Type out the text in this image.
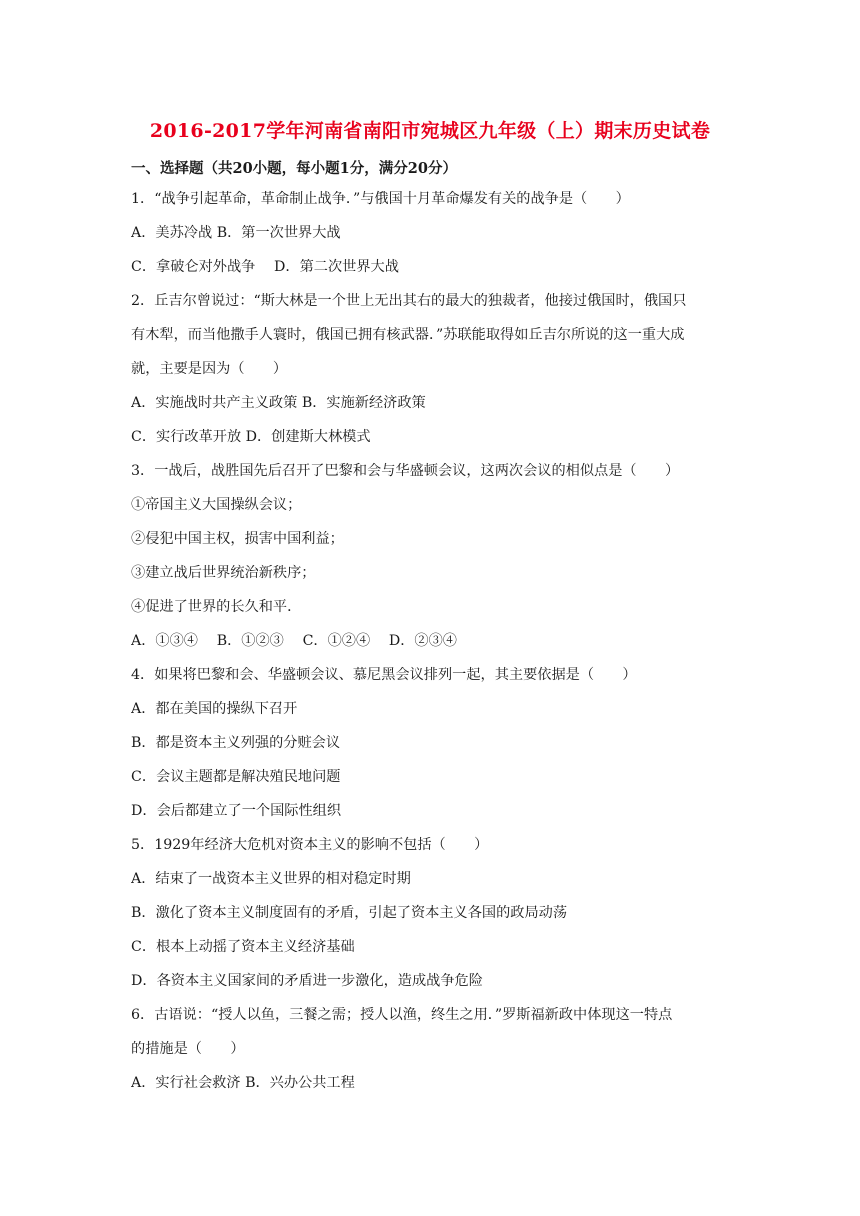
2016-2017学年河南省南阳市宛城区九年级（上）期末历史试卷
一、选择题（共20小题，每小题1分，满分20分）
1．“战争引起革命，革命制止战争．”与俄国十月革命爆发有关的战争是（　　）
A．美苏冷战 B．第一次世界大战
C．拿破仑对外战争　 D．第二次世界大战
2．丘吉尔曾说过：“斯大林是一个世上无出其右的最大的独裁者，他接过俄国时，俄国只
有木犁，而当他撒手人寰时，俄国已拥有核武器．”苏联能取得如丘吉尔所说的这一重大成
就，主要是因为（　　）
A．实施战时共产主义政策 B．实施新经济政策
C．实行改革开放 D．创建斯大林模式
3．一战后，战胜国先后召开了巴黎和会与华盛顿会议，这两次会议的相似点是（　　）
①帝国主义大国操纵会议；
②侵犯中国主权，损害中国利益；
③建立战后世界统治新秩序；
④促进了世界的长久和平．
A．①③④　 B．①②③　 C．①②④　 D．②③④
4．如果将巴黎和会、华盛顿会议、慕尼黑会议排列一起，其主要依据是（　　）
A．都在美国的操纵下召开
B．都是资本主义列强的分赃会议
C．会议主题都是解决殖民地问题
D．会后都建立了一个国际性组织
5．1929年经济大危机对资本主义的影响不包括（　　）
A．结束了一战资本主义世界的相对稳定时期
B．激化了资本主义制度固有的矛盾，引起了资本主义各国的政局动荡
C．根本上动摇了资本主义经济基础
D．各资本主义国家间的矛盾进一步激化，造成战争危险
6．古语说：“授人以鱼，三餐之需；授人以渔，终生之用．”罗斯福新政中体现这一特点
的措施是（　　）
A．实行社会救济 B．兴办公共工程
